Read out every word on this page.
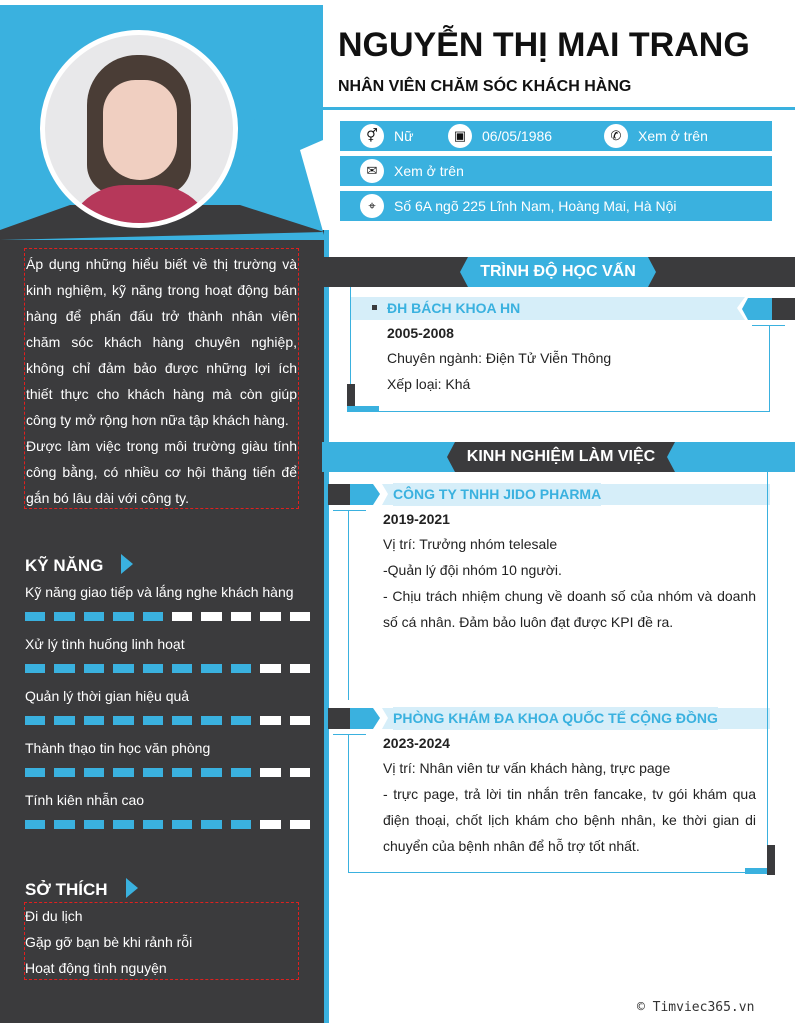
Áp dụng những hiểu biết về thị trường và kinh nghiệm, kỹ năng trong hoạt động bán hàng để phấn đấu trở thành nhân viên chăm sóc khách hàng chuyên nghiệp, không chỉ đảm bảo được những lợi ích thiết thực cho khách hàng mà còn giúp công ty mở rộng hơn nữa tập khách hàng.
Được làm việc trong môi trường giàu tính công bằng, có nhiều cơ hội thăng tiến để gắn bó lâu dài với công ty.
KỸ NĂNG
Kỹ năng giao tiếp và lắng nghe khách hàng
Xử lý tình huống linh hoạt
Quản lý thời gian hiệu quả
Thành thạo tin học văn phòng
Tính kiên nhẫn cao
SỞ THÍCH
Đi du lịch
Gặp gỡ bạn bè khi rảnh rỗi
Hoạt động tình nguyện
NGUYỄN THỊ MAI TRANG
NHÂN VIÊN CHĂM SÓC KHÁCH HÀNG
⚥	Nữ	▣	06/05/1986	✆	Xem ở trên
✉	Xem ở trên
⌖	Số 6A ngõ 225 Lĩnh Nam, Hoàng Mai, Hà Nội
TRÌNH ĐỘ HỌC VẤN
ĐH BÁCH KHOA HN
2005-2008
Chuyên ngành: Điện Tử Viễn Thông
Xếp loại: Khá
KINH NGHIỆM LÀM VIỆC
CÔNG TY TNHH JIDO PHARMA
2019-2021
Vị trí: Trưởng nhóm telesale
-Quản lý đội nhóm 10 người.
- Chịu trách nhiệm chung về doanh số của nhóm và doanh số cá nhân. Đảm bảo luôn đạt được KPI đề ra.
PHÒNG KHÁM ĐA KHOA QUỐC TẾ CỘNG ĐỒNG
2023-2024
Vị trí: Nhân viên tư vấn khách hàng, trực page
- trực page, trả lời tin nhắn trên fancake, tv gói khám qua điện thoại, chốt lịch khám cho bệnh nhân, ke thời gian di chuyển của bệnh nhân để hỗ trợ tốt nhất.
© Timviec365.vn
